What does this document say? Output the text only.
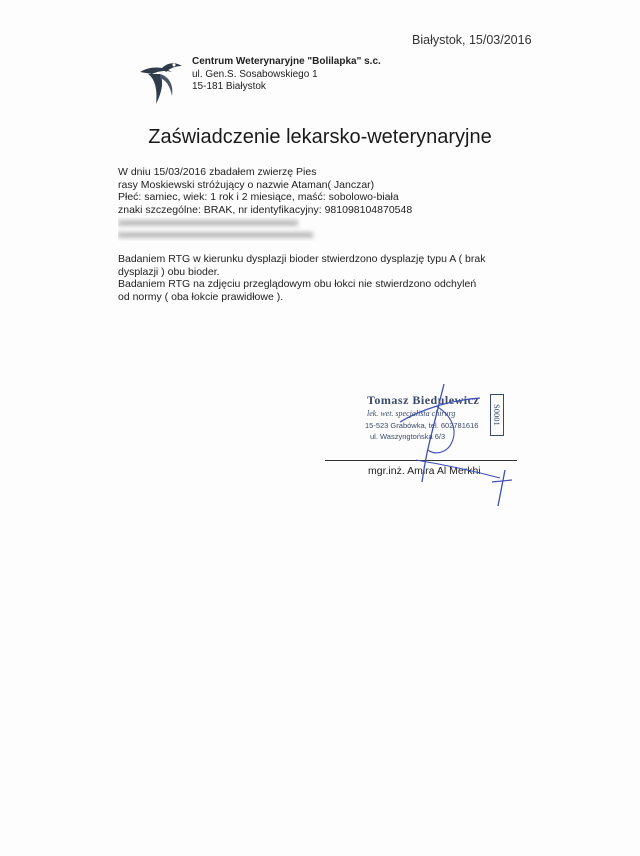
Białystok, 15/03/2016
Centrum Weterynaryjne "Bolilapka" s.c.
ul. Gen.S. Sosabowskiego 1
15-181 Białystok
Zaświadczenie lekarsko-weterynaryjne

W dniu 15/03/2016 zbadałem zwierzę Pies

rasy Moskiewski stróżujący o nazwie Ataman( Janczar)

Płeć: samiec, wiek: 1 rok i 2 miesiące, maść: sobolowo-biała

znaki szczególne: BRAK, nr identyfikacyjny: 981098104870548

Badaniem RTG w kierunku dysplazji bioder stwierdzono dysplazję typu A ( brak

dysplazji ) obu bioder.

Badaniem RTG na zdjęciu przeglądowym obu łokci nie stwierdzono odchyleń

od normy ( oba łokcie prawidłowe ).

Tomasz Biedulewicz
lek. wet. specjalista chirurg
15-523 Grabówka, tel. 602781616
ul. Waszyngtońska 6/3
S0001
mgr.inż. Amira Al Merkhi
